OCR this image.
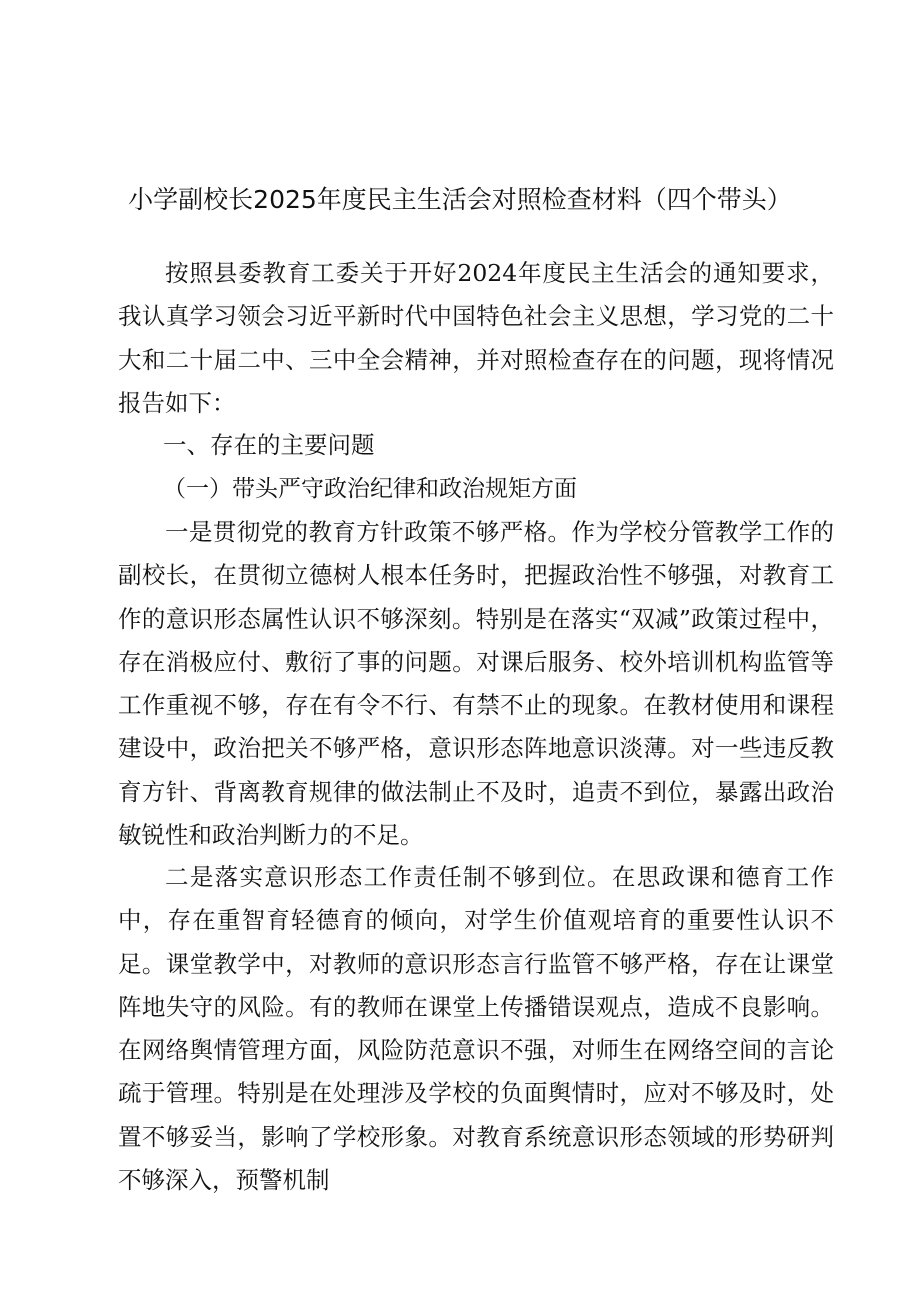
小学副校长2025年度民主生活会对照检查材料（四个带头）

按照县委教育工委关于开好2024年度民主生活会的通知要求，我认真学习领会习近平新时代中国特色社会主义思想，学习党的二十大和二十届二中、三中全会精神，并对照检查存在的问题，现将情况报告如下：

一、存在的主要问题
（一）带头严守政治纪律和政治规矩方面

一是贯彻党的教育方针政策不够严格。作为学校分管教学工作的副校长，在贯彻立德树人根本任务时，把握政治性不够强，对教育工作的意识形态属性认识不够深刻。特别是在落实“双减”政策过程中，存在消极应付、敷衍了事的问题。对课后服务、校外培训机构监管等工作重视不够，存在有令不行、有禁不止的现象。在教材使用和课程建设中，政治把关不够严格，意识形态阵地意识淡薄。对一些违反教育方针、背离教育规律的做法制止不及时，追责不到位，暴露出政治敏锐性和政治判断力的不足。

二是落实意识形态工作责任制不够到位。在思政课和德育工作中，存在重智育轻德育的倾向，对学生价值观培育的重要性认识不足。课堂教学中，对教师的意识形态言行监管不够严格，存在让课堂阵地失守的风险。有的教师在课堂上传播错误观点，造成不良影响。在网络舆情管理方面，风险防范意识不强，对师生在网络空间的言论疏于管理。特别是在处理涉及学校的负面舆情时，应对不够及时，处置不够妥当，影响了学校形象。对教育系统意识形态领域的形势研判不够深入，预警机制
